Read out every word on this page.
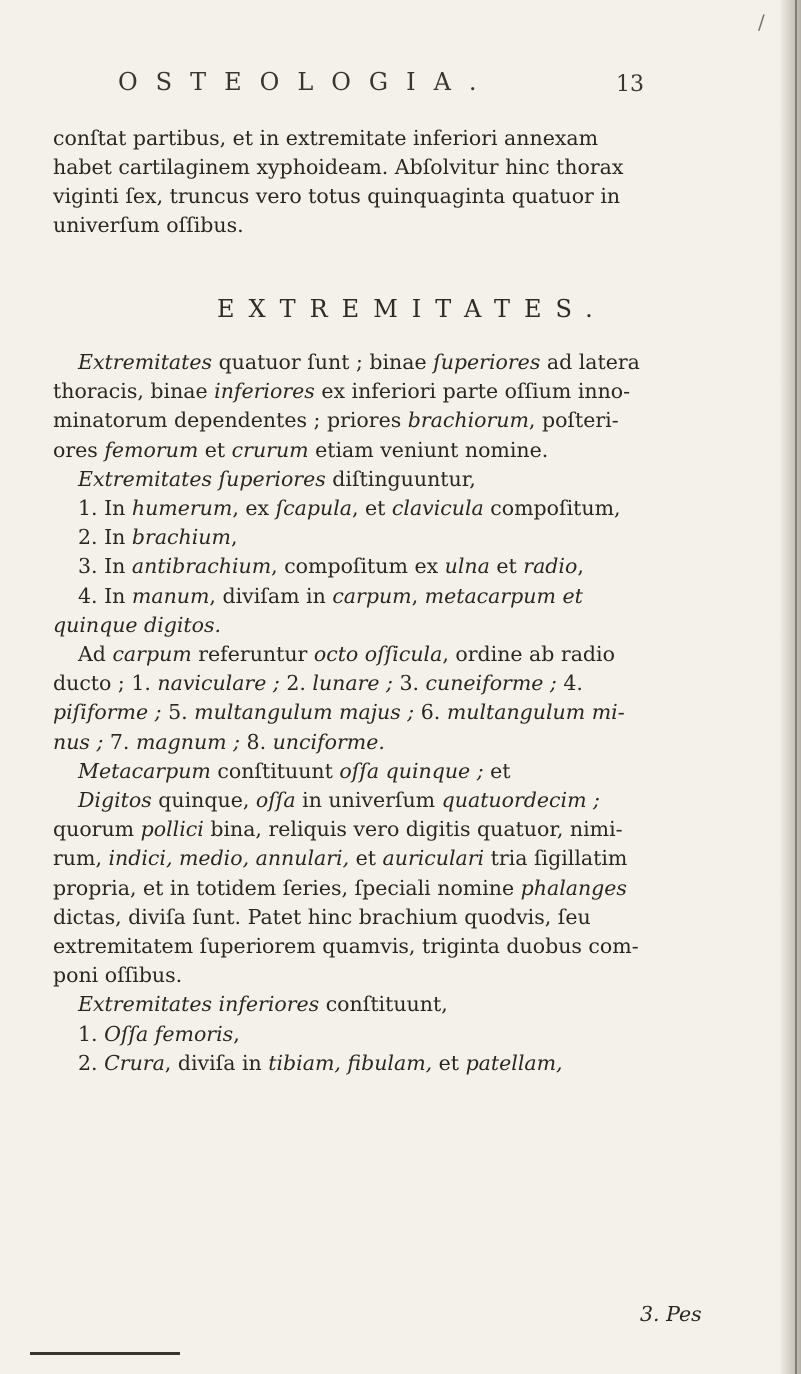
/
OSTEOLOGIA.	13
conſtat partibus, et in extremitate inferiori annexam
habet cartilaginem xyphoideam. Abſolvitur hinc thorax
viginti ſex, truncus vero totus quinquaginta quatuor in
univerſum oſſibus.
EXTREMITATES.
Extremitates quatuor ſunt ; binae ſuperiores ad latera
thoracis, binae inferiores ex inferiori parte oſſium inno-
minatorum dependentes ; priores brachiorum, poſteri-
ores femorum et crurum etiam veniunt nomine.
Extremitates ſuperiores diſtinguuntur,
1. In humerum, ex ſcapula, et clavicula compoſitum,
2. In brachium,
3. In antibrachium, compoſitum ex ulna et radio,
4. In manum, diviſam in carpum, metacarpum et
quinque digitos.
Ad carpum referuntur octo oſſicula, ordine ab radio
ducto ; 1. naviculare ; 2. lunare ; 3. cuneiforme ; 4.
piſiforme ; 5. multangulum majus ; 6. multangulum mi-
nus ; 7. magnum ; 8. unciforme.
Metacarpum conſtituunt oſſa quinque ; et
Digitos quinque, oſſa in univerſum quatuordecim ;
quorum pollici bina, reliquis vero digitis quatuor, nimi-
rum, indici, medio, annulari, et auriculari tria ſigillatim
propria, et in totidem ſeries, ſpeciali nomine phalanges
dictas, diviſa ſunt. Patet hinc brachium quodvis, ſeu
extremitatem ſuperiorem quamvis, triginta duobus com-
poni oſſibus.
Extremitates inferiores conſtituunt,
1. Oſſa femoris,
2. Crura, diviſa in tibiam, fibulam, et patellam,
3. Pes
